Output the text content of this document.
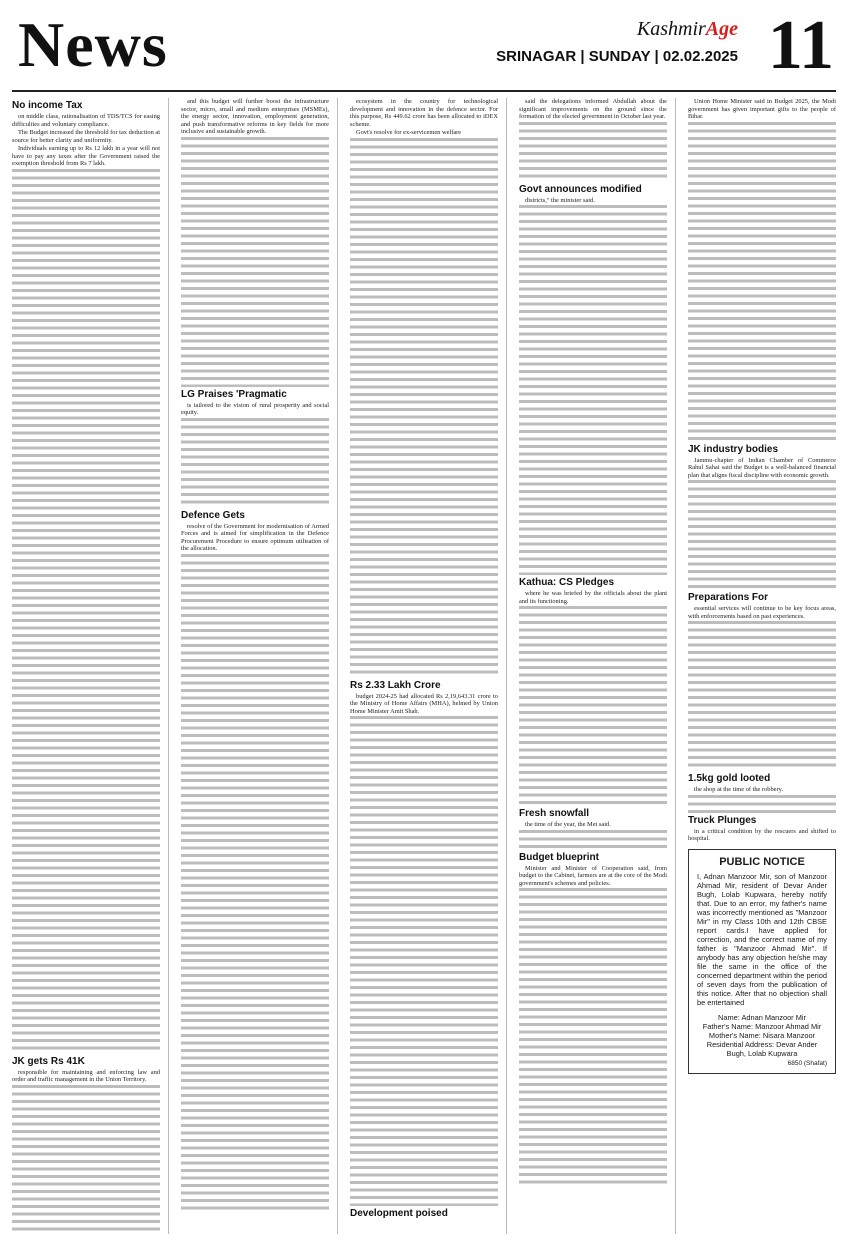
News	KashmirAge
SRINAGAR | SUNDAY | 02.02.2025 11
No income Tax

on middle class, rationalisation of TDS/TCS for easing difficulties and voluntary compliance.

The Budget increased the threshold for tax deduction at source for better clarity and uniformity.

Individuals earning up to Rs 12 lakh in a year will not have to pay any taxes after the Government raised the exemption threshold from Rs 7 lakh.

JK gets Rs 41K

responsible for maintaining and enforcing law and order and traffic management in the Union Territory.

and this budget will further boost the infrastructure sector, micro, small and medium enterprises (MSMEs), the energy sector, innovation, employment generation, and push transformative reforms in key fields for more inclusive and sustainable growth.

LG Praises 'Pragmatic

is tailored to the vision of rural prosperity and social equity.

Defence Gets

resolve of the Government for modernisation of Armed Forces and is aimed for simplification in the Defence Procurement Procedure to ensure optimum utilisation of the allocation.

ecosystem in the country for technological development and innovation in the defence sector. For this purpose, Rs 449.62 crore has been allocated to iDEX scheme.

Govt's resolve for ex-servicemen welfare

Rs 2.33 Lakh Crore

budget 2024-25 had allocated Rs 2,19,643.31 crore to the Ministry of Home Affairs (MHA), helmed by Union Home Minister Amit Shah.

Development poised

said the delegations informed Abdullah about the significant improvements on the ground since the formation of the elected government in October last year.

Govt announces modified

districts," the minister said.

Kathua: CS Pledges

where he was briefed by the officials about the plant and its functioning.

Fresh snowfall

the time of the year, the Met said.

Budget blueprint

Minister and Minister of Cooperation said, from budget to the Cabinet, farmers are at the core of the Modi government's schemes and policies.

Union Home Minister said in Budget 2025, the Modi government has given important gifts to the people of Bihar.

JK industry bodies

Jammu-chapter of Indian Chamber of Commerce Rahul Sahai said the Budget is a well-balanced financial plan that aligns fiscal discipline with economic growth.

Preparations For

essential services will continue to be key focus areas, with enforcements based on past experiences.

1.5kg gold looted

the shop at the time of the robbery.

Truck Plunges

in a critical condition by the rescuers and shifted to hospital.

PUBLIC NOTICE
I, Adnan Manzoor Mir, son of Manzoor Ahmad Mir, resident of Devar Ander Bugh, Lolab Kupwara, hereby notify that. Due to an error, my father's name was incorrectly mentioned as "Manzoor Mir" in my Class 10th and 12th CBSE report cards.I have applied for correction, and the correct name of my father is "Manzoor Ahmad Mir". If anybody has any objection he/she may file the same in the office of the concerned department within the period of seven days from the publication of this notice. After that no objection shall be entertained
Name: Adnan Manzoor Mir
Father's Name: Manzoor Ahmad Mir
Mother's Name: Nisara Manzoor
Residential Address: Devar Ander Bugh, Lolab Kupwara
6850 (Shafat)
